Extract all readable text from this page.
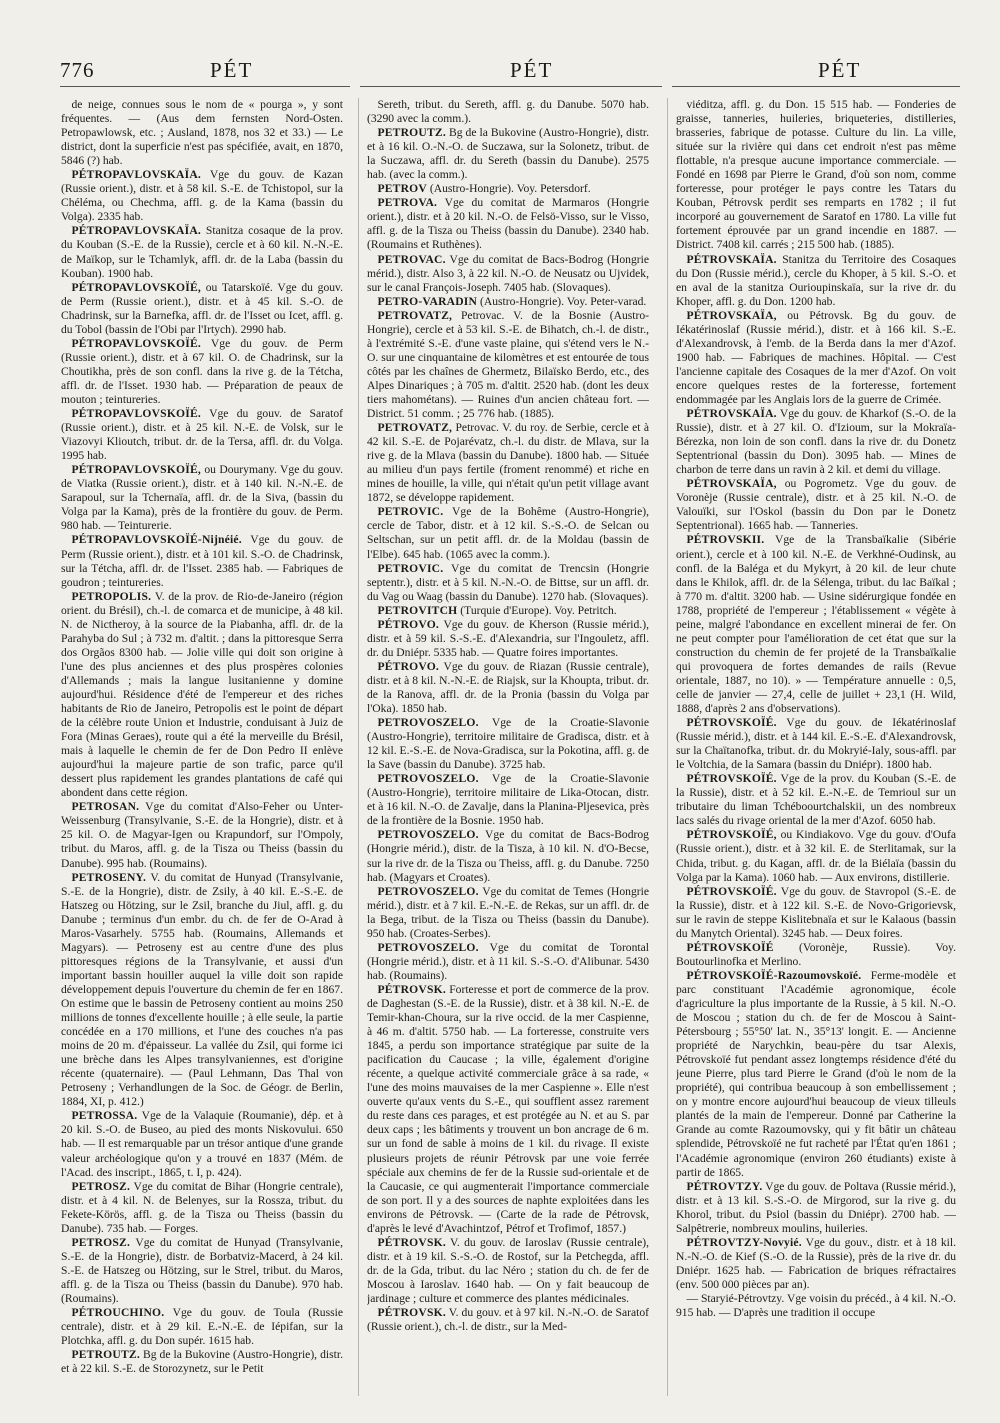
776	PÉT	PÉT	PÉT

de neige, connues sous le nom de « pourga », y sont fréquentes. — (Aus dem fernsten Nord-Osten. Petropawlowsk, etc. ; Ausland, 1878, nos 32 et 33.) — Le district, dont la superficie n'est pas spécifiée, avait, en 1870, 5846 (?) hab.

PÉTROPAVLOVSKAÏA. Vge du gouv. de Kazan (Russie orient.), distr. et à 58 kil. S.-E. de Tchistopol, sur la Chéléma, ou Chechma, affl. g. de la Kama (bassin du Volga). 2335 hab.

PÉTROPAVLOVSKAÏA. Stanitza cosaque de la prov. du Kouban (S.-E. de la Russie), cercle et à 60 kil. N.-N.-E. de Maïkop, sur le Tchamlyk, affl. dr. de la Laba (bassin du Kouban). 1900 hab.

PÉTROPAVLOVSKOÏÉ, ou Tatarskoïé. Vge du gouv. de Perm (Russie orient.), distr. et à 45 kil. S.-O. de Chadrinsk, sur la Barnefka, affl. dr. de l'Isset ou Icet, affl. g. du Tobol (bassin de l'Obi par l'Irtych). 2990 hab.

PÉTROPAVLOVSKOÏÉ. Vge du gouv. de Perm (Russie orient.), distr. et à 67 kil. O. de Chadrinsk, sur la Choutikha, près de son confl. dans la rive g. de la Tétcha, affl. dr. de l'Isset. 1930 hab. — Préparation de peaux de mouton ; teintureries.

PÉTROPAVLOVSKOÏÉ. Vge du gouv. de Saratof (Russie orient.), distr. et à 25 kil. N.-E. de Volsk, sur le Viazovyi Klioutch, tribut. dr. de la Tersa, affl. dr. du Volga. 1995 hab.

PÉTROPAVLOVSKOÏÉ, ou Dourymany. Vge du gouv. de Viatka (Russie orient.), distr. et à 140 kil. N.-N.-E. de Sarapoul, sur la Tchernaïa, affl. dr. de la Siva, (bassin du Volga par la Kama), près de la frontière du gouv. de Perm. 980 hab. — Teinturerie.

PÉTROPAVLOVSKOÏÉ-Nijnéié. Vge du gouv. de Perm (Russie orient.), distr. et à 101 kil. S.-O. de Chadrinsk, sur la Tétcha, affl. dr. de l'Isset. 2385 hab. — Fabriques de goudron ; teintureries.

PETROPOLIS. V. de la prov. de Rio-de-Janeiro (région orient. du Brésil), ch.-l. de comarca et de municipe, à 48 kil. N. de Nictheroy, à la source de la Piabanha, affl. dr. de la Parahyba do Sul ; à 732 m. d'altit. ; dans la pittoresque Serra dos Orgãos 8300 hab. — Jolie ville qui doit son origine à l'une des plus anciennes et des plus prospères colonies d'Allemands ; mais la langue lusitanienne y domine aujourd'hui. Résidence d'été de l'empereur et des riches habitants de Rio de Janeiro, Petropolis est le point de départ de la célèbre route Union et Industrie, conduisant à Juiz de Fora (Minas Geraes), route qui a été la merveille du Brésil, mais à laquelle le chemin de fer de Don Pedro II enlève aujourd'hui la majeure partie de son trafic, parce qu'il dessert plus rapidement les grandes plantations de café qui abondent dans cette région.

PETROSAN. Vge du comitat d'Also-Feher ou Unter-Weissenburg (Transylvanie, S.-E. de la Hongrie), distr. et à 25 kil. O. de Magyar-Igen ou Krapundorf, sur l'Ompoly, tribut. du Maros, affl. g. de la Tisza ou Theiss (bassin du Danube). 995 hab. (Roumains).

PETROSENY. V. du comitat de Hunyad (Transylvanie, S.-E. de la Hongrie), distr. de Zsily, à 40 kil. E.-S.-E. de Hatszeg ou Hötzing, sur le Zsil, branche du Jiul, affl. g. du Danube ; terminus d'un embr. du ch. de fer de O-Arad à Maros-Vasarhely. 5755 hab. (Roumains, Allemands et Magyars). — Petroseny est au centre d'une des plus pittoresques régions de la Transylvanie, et aussi d'un important bassin houiller auquel la ville doit son rapide développement depuis l'ouverture du chemin de fer en 1867. On estime que le bassin de Petroseny contient au moins 250 millions de tonnes d'excellente houille ; à elle seule, la partie concédée en a 170 millions, et l'une des couches n'a pas moins de 20 m. d'épaisseur. La vallée du Zsil, qui forme ici une brèche dans les Alpes transylvaniennes, est d'origine récente (quaternaire). — (Paul Lehmann, Das Thal von Petroseny ; Verhandlungen de la Soc. de Géogr. de Berlin, 1884, XI, p. 412.)

PETROSSA. Vge de la Valaquie (Roumanie), dép. et à 20 kil. S.-O. de Buseo, au pied des monts Niskovului. 650 hab. — Il est remarquable par un trésor antique d'une grande valeur archéologique qu'on y a trouvé en 1837 (Mém. de l'Acad. des inscript., 1865, t. I, p. 424).

PETROSZ. Vge du comitat de Bihar (Hongrie centrale), distr. et à 4 kil. N. de Belenyes, sur la Rossza, tribut. du Fekete-Körös, affl. g. de la Tisza ou Theiss (bassin du Danube). 735 hab. — Forges.

PETROSZ. Vge du comitat de Hunyad (Transylvanie, S.-E. de la Hongrie), distr. de Borbatviz-Macerd, à 24 kil. S.-E. de Hatszeg ou Hötzing, sur le Strel, tribut. du Maros, affl. g. de la Tisza ou Theiss (bassin du Danube). 970 hab. (Roumains).

PÉTROUCHINO. Vge du gouv. de Toula (Russie centrale), distr. et à 29 kil. E.-N.-E. de Iépifan, sur la Plotchka, affl. g. du Don supér. 1615 hab.

PETROUTZ. Bg de la Bukovine (Austro-Hongrie), distr. et à 22 kil. S.-E. de Storozynetz, sur le Petit

Sereth, tribut. du Sereth, affl. g. du Danube. 5070 hab. (3290 avec la comm.).

PETROUTZ. Bg de la Bukovine (Austro-Hongrie), distr. et à 16 kil. O.-N.-O. de Suczawa, sur la Solonetz, tribut. de la Suczawa, affl. dr. du Sereth (bassin du Danube). 2575 hab. (avec la comm.).

PETROV (Austro-Hongrie). Voy. Petersdorf.

PETROVA. Vge du comitat de Marmaros (Hongrie orient.), distr. et à 20 kil. N.-O. de Felsö-Visso, sur le Visso, affl. g. de la Tisza ou Theiss (bassin du Danube). 2340 hab. (Roumains et Ruthènes).

PETROVAC. Vge du comitat de Bacs-Bodrog (Hongrie mérid.), distr. Also 3, à 22 kil. N.-O. de Neusatz ou Ujvidek, sur le canal François-Joseph. 7405 hab. (Slovaques).

PETRO-VARADIN (Austro-Hongrie). Voy. Peter-varad.

PETROVATZ, Petrovac. V. de la Bosnie (Austro-Hongrie), cercle et à 53 kil. S.-E. de Bihatch, ch.-l. de distr., à l'extrémité S.-E. d'une vaste plaine, qui s'étend vers le N.-O. sur une cinquantaine de kilomètres et est entourée de tous côtés par les chaînes de Ghermetz, Bilaïsko Berdo, etc., des Alpes Dinariques ; à 705 m. d'altit. 2520 hab. (dont les deux tiers mahométans). — Ruines d'un ancien château fort. — District. 51 comm. ; 25 776 hab. (1885).

PETROVATZ, Petrovac. V. du roy. de Serbie, cercle et à 42 kil. S.-E. de Pojarévatz, ch.-l. du distr. de Mlava, sur la rive g. de la Mlava (bassin du Danube). 1800 hab. — Située au milieu d'un pays fertile (froment renommé) et riche en mines de houille, la ville, qui n'était qu'un petit village avant 1872, se développe rapidement.

PETROVIC. Vge de la Bohême (Austro-Hongrie), cercle de Tabor, distr. et à 12 kil. S.-S.-O. de Selcan ou Seltschan, sur un petit affl. dr. de la Moldau (bassin de l'Elbe). 645 hab. (1065 avec la comm.).

PETROVIC. Vge du comitat de Trencsin (Hongrie septentr.), distr. et à 5 kil. N.-N.-O. de Bittse, sur un affl. dr. du Vag ou Waag (bassin du Danube). 1270 hab. (Slovaques).

PETROVITCH (Turquie d'Europe). Voy. Petritch.

PÉTROVO. Vge du gouv. de Kherson (Russie mérid.), distr. et à 59 kil. S.-S.-E. d'Alexandria, sur l'Ingouletz, affl. dr. du Dniépr. 5335 hab. — Quatre foires importantes.

PÉTROVO. Vge du gouv. de Riazan (Russie centrale), distr. et à 8 kil. N.-N.-E. de Riajsk, sur la Khoupta, tribut. dr. de la Ranova, affl. dr. de la Pronia (bassin du Volga par l'Oka). 1850 hab.

PETROVOSZELO. Vge de la Croatie-Slavonie (Austro-Hongrie), territoire militaire de Gradisca, distr. et à 12 kil. E.-S.-E. de Nova-Gradisca, sur la Pokotina, affl. g. de la Save (bassin du Danube). 3725 hab.

PETROVOSZELO. Vge de la Croatie-Slavonie (Austro-Hongrie), territoire militaire de Lika-Otocan, distr. et à 16 kil. N.-O. de Zavalje, dans la Planina-Pljesevica, près de la frontière de la Bosnie. 1950 hab.

PETROVOSZELO. Vge du comitat de Bacs-Bodrog (Hongrie mérid.), distr. de la Tisza, à 10 kil. N. d'O-Becse, sur la rive dr. de la Tisza ou Theiss, affl. g. du Danube. 7250 hab. (Magyars et Croates).

PETROVOSZELO. Vge du comitat de Temes (Hongrie mérid.), distr. et à 7 kil. E.-N.-E. de Rekas, sur un affl. dr. de la Bega, tribut. de la Tisza ou Theiss (bassin du Danube). 950 hab. (Croates-Serbes).

PETROVOSZELO. Vge du comitat de Torontal (Hongrie mérid.), distr. et à 11 kil. S.-S.-O. d'Alibunar. 5430 hab. (Roumains).

PÉTROVSK. Forteresse et port de commerce de la prov. de Daghestan (S.-E. de la Russie), distr. et à 38 kil. N.-E. de Temir-khan-Choura, sur la rive occid. de la mer Caspienne, à 46 m. d'altit. 5750 hab. — La forteresse, construite vers 1845, a perdu son importance stratégique par suite de la pacification du Caucase ; la ville, également d'origine récente, a quelque activité commerciale grâce à sa rade, « l'une des moins mauvaises de la mer Caspienne ». Elle n'est ouverte qu'aux vents du S.-E., qui soufflent assez rarement du reste dans ces parages, et est protégée au N. et au S. par deux caps ; les bâtiments y trouvent un bon ancrage de 6 m. sur un fond de sable à moins de 1 kil. du rivage. Il existe plusieurs projets de réunir Pétrovsk par une voie ferrée spéciale aux chemins de fer de la Russie sud-orientale et de la Caucasie, ce qui augmenterait l'importance commerciale de son port. Il y a des sources de naphte exploitées dans les environs de Pétrovsk. — (Carte de la rade de Pétrovsk, d'après le levé d'Avachintzof, Pétrof et Trofimof, 1857.)

PÉTROVSK. V. du gouv. de Iaroslav (Russie centrale), distr. et à 19 kil. S.-S.-O. de Rostof, sur la Petchegda, affl. dr. de la Gda, tribut. du lac Néro ; station du ch. de fer de Moscou à Iaroslav. 1640 hab. — On y fait beaucoup de jardinage ; culture et commerce des plantes médicinales.

PÉTROVSK. V. du gouv. et à 97 kil. N.-N.-O. de Saratof (Russie orient.), ch.-l. de distr., sur la Med-

viéditza, affl. g. du Don. 15 515 hab. — Fonderies de graisse, tanneries, huileries, briqueteries, distilleries, brasseries, fabrique de potasse. Culture du lin. La ville, située sur la rivière qui dans cet endroit n'est pas même flottable, n'a presque aucune importance commerciale. — Fondé en 1698 par Pierre le Grand, d'où son nom, comme forteresse, pour protéger le pays contre les Tatars du Kouban, Pétrovsk perdit ses remparts en 1782 ; il fut incorporé au gouvernement de Saratof en 1780. La ville fut fortement éprouvée par un grand incendie en 1887. — District. 7408 kil. carrés ; 215 500 hab. (1885).

PÉTROVSKAÏA. Stanitza du Territoire des Cosaques du Don (Russie mérid.), cercle du Khoper, à 5 kil. S.-O. et en aval de la stanitza Ourioupinskaïa, sur la rive dr. du Khoper, affl. g. du Don. 1200 hab.

PÉTROVSKAÏA, ou Pétrovsk. Bg du gouv. de Iékatérinoslaf (Russie mérid.), distr. et à 166 kil. S.-E. d'Alexandrovsk, à l'emb. de la Berda dans la mer d'Azof. 1900 hab. — Fabriques de machines. Hôpital. — C'est l'ancienne capitale des Cosaques de la mer d'Azof. On voit encore quelques restes de la forteresse, fortement endommagée par les Anglais lors de la guerre de Crimée.

PÉTROVSKAÏA. Vge du gouv. de Kharkof (S.-O. de la Russie), distr. et à 27 kil. O. d'Izioum, sur la Mokraïa-Bérezka, non loin de son confl. dans la rive dr. du Donetz Septentrional (bassin du Don). 3095 hab. — Mines de charbon de terre dans un ravin à 2 kil. et demi du village.

PÉTROVSKAÏA, ou Pogrometz. Vge du gouv. de Voronèje (Russie centrale), distr. et à 25 kil. N.-O. de Valouïki, sur l'Oskol (bassin du Don par le Donetz Septentrional). 1665 hab. — Tanneries.

PÉTROVSKII. Vge de la Transbaïkalie (Sibérie orient.), cercle et à 100 kil. N.-E. de Verkhné-Oudinsk, au confl. de la Baléga et du Mykyrt, à 20 kil. de leur chute dans le Khilok, affl. dr. de la Sélenga, tribut. du lac Baïkal ; à 770 m. d'altit. 3200 hab. — Usine sidérurgique fondée en 1788, propriété de l'empereur ; l'établissement « végète à peine, malgré l'abondance en excellent minerai de fer. On ne peut compter pour l'amélioration de cet état que sur la construction du chemin de fer projeté de la Transbaïkalie qui provoquera de fortes demandes de rails (Revue orientale, 1887, no 10). » — Température annuelle : 0,5, celle de janvier — 27,4, celle de juillet + 23,1 (H. Wild, 1888, d'après 2 ans d'observations).

PÉTROVSKOÏÉ. Vge du gouv. de Iékatérinoslaf (Russie mérid.), distr. et à 144 kil. E.-S.-E. d'Alexandrovsk, sur la Chaïtanofka, tribut. dr. du Mokryié-Ialy, sous-affl. par le Voltchia, de la Samara (bassin du Dniépr). 1800 hab.

PÉTROVSKOÏÉ. Vge de la prov. du Kouban (S.-E. de la Russie), distr. et à 52 kil. E.-N.-E. de Temrioul sur un tributaire du liman Tchéboourtchalskii, un des nombreux lacs salés du rivage oriental de la mer d'Azof. 6050 hab.

PÉTROVSKOÏÉ, ou Kindiakovo. Vge du gouv. d'Oufa (Russie orient.), distr. et à 32 kil. E. de Sterlitamak, sur la Chida, tribut. g. du Kagan, affl. dr. de la Biélaïa (bassin du Volga par la Kama). 1060 hab. — Aux environs, distillerie.

PÉTROVSKOÏÉ. Vge du gouv. de Stavropol (S.-E. de la Russie), distr. et à 122 kil. S.-E. de Novo-Grigorievsk, sur le ravin de steppe Kislitebnaïa et sur le Kalaous (bassin du Manytch Oriental). 3245 hab. — Deux foires.

PÉTROVSKOÏÉ (Voronèje, Russie). Voy. Boutourlinofka et Merlino.

PÉTROVSKOÏÉ-Razoumovskoïé. Ferme-modèle et parc constituant l'Académie agronomique, école d'agriculture la plus importante de la Russie, à 5 kil. N.-O. de Moscou ; station du ch. de fer de Moscou à Saint-Pétersbourg ; 55°50' lat. N., 35°13' longit. E. — Ancienne propriété de Narychkin, beau-père du tsar Alexis, Pétrovskoïé fut pendant assez longtemps résidence d'été du jeune Pierre, plus tard Pierre le Grand (d'où le nom de la propriété), qui contribua beaucoup à son embellissement ; on y montre encore aujourd'hui beaucoup de vieux tilleuls plantés de la main de l'empereur. Donné par Catherine la Grande au comte Razoumovsky, qui y fit bâtir un château splendide, Pétrovskoïé ne fut racheté par l'État qu'en 1861 ; l'Académie agronomique (environ 260 étudiants) existe à partir de 1865.

PÉTROVTZY. Vge du gouv. de Poltava (Russie mérid.), distr. et à 13 kil. S.-S.-O. de Mirgorod, sur la rive g. du Khorol, tribut. du Psiol (bassin du Dniépr). 2700 hab. — Salpêtrerie, nombreux moulins, huileries.

PÉTROVTZY-Novyié. Vge du gouv., distr. et à 18 kil. N.-N.-O. de Kief (S.-O. de la Russie), près de la rive dr. du Dniépr. 1625 hab. — Fabrication de briques réfractaires (env. 500 000 pièces par an).

— Staryié-Pétrovtzy. Vge voisin du précéd., à 4 kil. N.-O. 915 hab. — D'après une tradition il occupe
